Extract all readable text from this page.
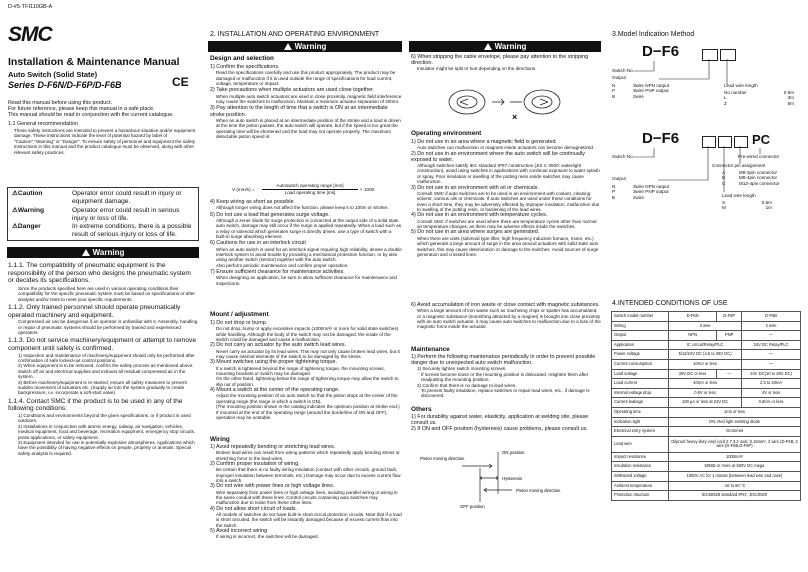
D-#5-TFI110GB-A
SMC
Installation & Maintenance Manual
Auto Switch (Solid State)
Series D-F6N/D-F6P/D-F6B	CE
Read this manual before using this product.
For future reference, please keep this manual in a safe place.
This manual should be read in conjunction with the current catalogue.
1.1 General recommendation
These safety instructions are intended to prevent a hazardous situation and/or equipment damage. These instructions indicate the level of potential hazard by label of "Caution","Warning" or "Danger". To ensure safety of personnel and equipment the safety instructions in this manual and the product catalogue must be observed, along with other relevant safety practices.
⚠Caution	Operator error could result in injury or equipment damage.
⚠Warning	Operator error could result in serious injury or loss of life.
⚠Danger	In extreme conditions, there is a possible result of serious injury or loss of life.
Warning
1.1.1. The compatibility of pneumatic equipment is the responsibility of the person who designs the pneumatic system or decides its specifications.
Since the products specified here are used in various operating conditions,their compatibility for the specific pneumatic system must be based on specifications or after analysis and/or tests to meet your specific requirements.
1.1.2. Only trained personnel should operate pneumatically operated machinery and equipment.
Compressed air can be dangerous if an operator is unfamiliar with it. Assembly, handling or repair of pneumatic systems should be performed by trained and experienced operators.
1.1.3. Do not service machinery/equipment or attempt to remove component until safety is confirmed.
1) Inspection and maintenance of machinery/equipment should only be performed after confirmation of safe locked-out control positions.
2) When equipment is to be removed, confirm the safety process as mentioned above. Switch off air and electrical supplies and exhaust all residual compressed air in the system.
3) Before machinery/equipment is re-started, ensure all safety measures to prevent sudden movement of actuators etc. (Supply air into the system gradually to create backpressure, i.e. incorporate a soft-start valve).
1.1.4. Contact SMC if the product is to be used in any of the following conditions:
1) Conditions and environments beyond the given specifications, or if product is used outdoors.
2) Installations in conjunction with atomic energy, railway, air navigation, vehicles, medical equipment, food and beverage, recreation equipment, emergency stop circuits, press applications, or safety equipment.
3) Equipment intended for use in potentially explosive atmospheres. Applications which have the possibility of having negative effects on people, property or animals. Special safety analysis is required.
2. INSTALLATION AND OPERATING ENVIRONMENT
Warning
Design and selection
1) Confirm the specifications.
Read the specifications carefully and use this product appropriately. The product may be damaged or malfunction if it is used outside the range of specifications for load current, voltage, temperature or impact.
2) Take precautions when multiple actuators are used close together.
When multiple auto switch actuators are used in close proximity, magnetic field interference may cause the switches to malfunction. Maintain a minimum actuator separation of 40mm.
3) Pay attention to the length of time that a switch is ON at an intermediate stroke position.
When an auto switch is placed at an intermediate position of the stroke and a load is driven at the time the piston passes, the auto switch will operate, but if the speed is too great the operating time will be shortened and the load may not operate properly. The maximum detectable piston speed is:
V (mm/s) =
Autoswitch operating range [mm]
Load operating time [ms]
× 1000
4) Keep wiring as short as possible
Although longer wiring does not affect the function, please keep it to 100m or shorter.
5) Do not use a load that generates surge voltage.
Although a zener diode for surge protection is connected at the output side of a solid state auto switch, damage may still occur if the surge is applied repeatedly. When a load such as a relay or solenoid which generates surge is directly driven, use a type of switch with a built-in surge absorbing element.
6) Cautions for use in an interlock circuit
When an auto switch is used for an interlock signal requiring high reliability, devise a double interlock system to avoid trouble by providing a mechanical protection function, or by also using another switch (sensor) together with the auto switch.
Also perform periodic maintenance and confirm proper operation.
7) Ensure sufficient clearance for maintenance activities.
When designing an application, be sure to allow sufficient clearance for maintenance and inspections.
Mount / adjustment
1) Do not drop or bump.
Do not drop, bump or apply excessive impacts (1000m/s² or more for solid state switches) while handling. Although the body of the switch may not be damaged, the inside of the switch could be damaged and cause a malfunction.
2) Do not carry an actuator by the auto switch lead wires.
Never carry an actuator by its lead wires. This may not only cause broken lead wires, but it may cause internal elements of the switch to be damaged by the stress.
3) Mount switches using the proper tightening torque.
If a switch is tightened beyond the range of tightening torque, the mounting screws, mounting brackets or switch may be damaged.
On the other hand, tightening below the range of tightening torque may allow the switch to slip out of position.
4) Mount a switch at the center of the operating range.
Adjust the mounting position of an auto switch so that the piston stops at the center of the operating range (the range in which a switch is ON).
(The mounting position shown in the catalog indicates the optimum position at stroke end.) If mounted at the end of the operating range (around the borderline of ON and OFF), operation may be unstable.
Wiring
1) Avoid repeatedly bending or stretching lead wires.
Broken lead wires can result from wiring patterns which repeatedly apply bending stress or stretching force to the lead wires.
2) Confirm proper insulation of wiring.
Be certain that there is no faulty wiring insulation (contact with other circuits, ground fault, improper insulation between terminals, etc.) Damage may occur due to excess current flow into a switch.
3) Do not wire with power lines or high voltage lines.
Wire separately from power lines or high voltage lines, avoiding parallel wiring or wiring in the same conduit with these lines. Control circuits containing auto switches may malfunction due to noise from these other lines.
4) Do not allow short circuit of loads.
All models of switches do not have built-in short circuit protection circuits. Note that if a load is short circuited, the switch will be instantly damaged because of excess current flow into the switch.
5) Avoid incorrect wiring
If wiring is incorrect, the switches will be damaged.
Warning
6) When stripping the cable envelope, please pay attention to the stripping direction.
Insulator might be split or hurt depending on the directions.
×
Operating environment
1) Do not use in an area where a magnetic field is generated.
Auto switches can malfunction or magnets inside actuators can become demagnetized.
2) Do not use in an environment where the auto switch will be continually exposed to water.
Although switches satisfy IEC standard IP67 construction (JIS C 0920: watertight construction), avoid using switches in applications with continual exposure to water splash or spray. Poor insulation or swelling of the potting resin inside switches may cause malfunction.
3) Do not use in an environment with oil or chemicals.
Consult SMC if auto switches are to be used in an environment with coolant, cleaning solvent, various oils or chemicals. If auto switches are used under these conditions for even a short time, they may be adversely affected by improper insulation, malfunction due to swelling of the potting resin, or hardening of the lead wires.
4) Do not use in an environment with temperature cycles.
Consult SMC if switches are used where there are temperature cycles other than normal air temperature changes, as there may be adverse effects inside the switches.
5) Do not use in an area where surges are generated.
When there are units (solenoid type lifter, high frequency induction furnace, motor, etc.) which generate a large amount of surge in the area around actuators with solid state auto switches, this may cause deterioration or damage to the switches. Avoid sources of surge generation and crossed lines.
6) Avoid accumulation of iron waste or close contact with magnetic substances.
When a large amount of iron waste such as machining chips or spatter has accumulated, or a magnetic substance (something attracted by a magnet) is brought into close proximity with an auto switch actuator, it may cause auto switches to malfunction due to a loss of the magnetic force inside the actuator.
Maintenance
1) Perform the following maintenance periodically in order to prevent possible danger due to unexpected auto switch malfunction.
1) Securely tighten switch mounting screws.
If screws become loose or the mounting position is dislocated, retighten them after readjusting the mounting position.
2) Confirm that there is no damage to lead wires.
To prevent faulty insulation, replace switches or repair lead wires, etc., if damage is discovered.
Others
1) For durability against water, elasticity, application at welding site, please consult us.
2) If ON and OFF position (hysteresis) cause problems, please consult us.
ON position
Hysteresis
Piston moving direction
Piston moving direction
OFF position
3.Model Indication Method
D−F6
Switch No.
Output
N	3wire NPN output
P	3wire PNP output
B	2wire
Lead wire length
No number	0.5m
L	3m
Z	5m
D−F6	PC
Switch No.	Pre-wired connector
Connector pin assignment
A	M8-3pin connector
B	M8-4pin connector
C	M12-4pin connector
Output
N	3wire NPN output
P	3wire PNP output
B	2wire	Lead wire length
S	0.5m
M	1m
4.INTENDED CONDITIONS OF USE
Switch model number	D-F6N	D-F6P	D-F6B
Wiring	3 wire		2 wire
Output	NPN	PNP	—
Application	IC circuit/Relay/PLC		24V DC Relay/PLC
Power voltage	5/12/24V DC (4.5 to 28V DC)		—
Current consumption	10mA or less		—
Load voltage	28V DC or less	—	24V DC(10 to 28V DC)
Load current	40mA or less		2.5 to 40mA
Internal voltage drop	0.8V or less		4V or less
Current leakage	100 μA or less at 24V DC		0.8mA or less
Operating time	1ms or less		
Indication light	ON: Red light emitting diode		
Electrical entry system	Grommet		
Lead wire	Oilproof heavy-duty vinyl cord 2.7 3.2 oval, 0.15mm², 3 wire (D-F6B, 2 wire (D-F6B,D-F6P)		
Impact resistance	1000m/s²		
Insulation resistance	50MΩ or more at 500V DC mega		
Withstand voltage	1000V AC for 1 minute (between lead wire and case)		
Ambient temperature	-10 to 60 °C		
Protection structure	IEC60529 standard IP67, JISC0920		
